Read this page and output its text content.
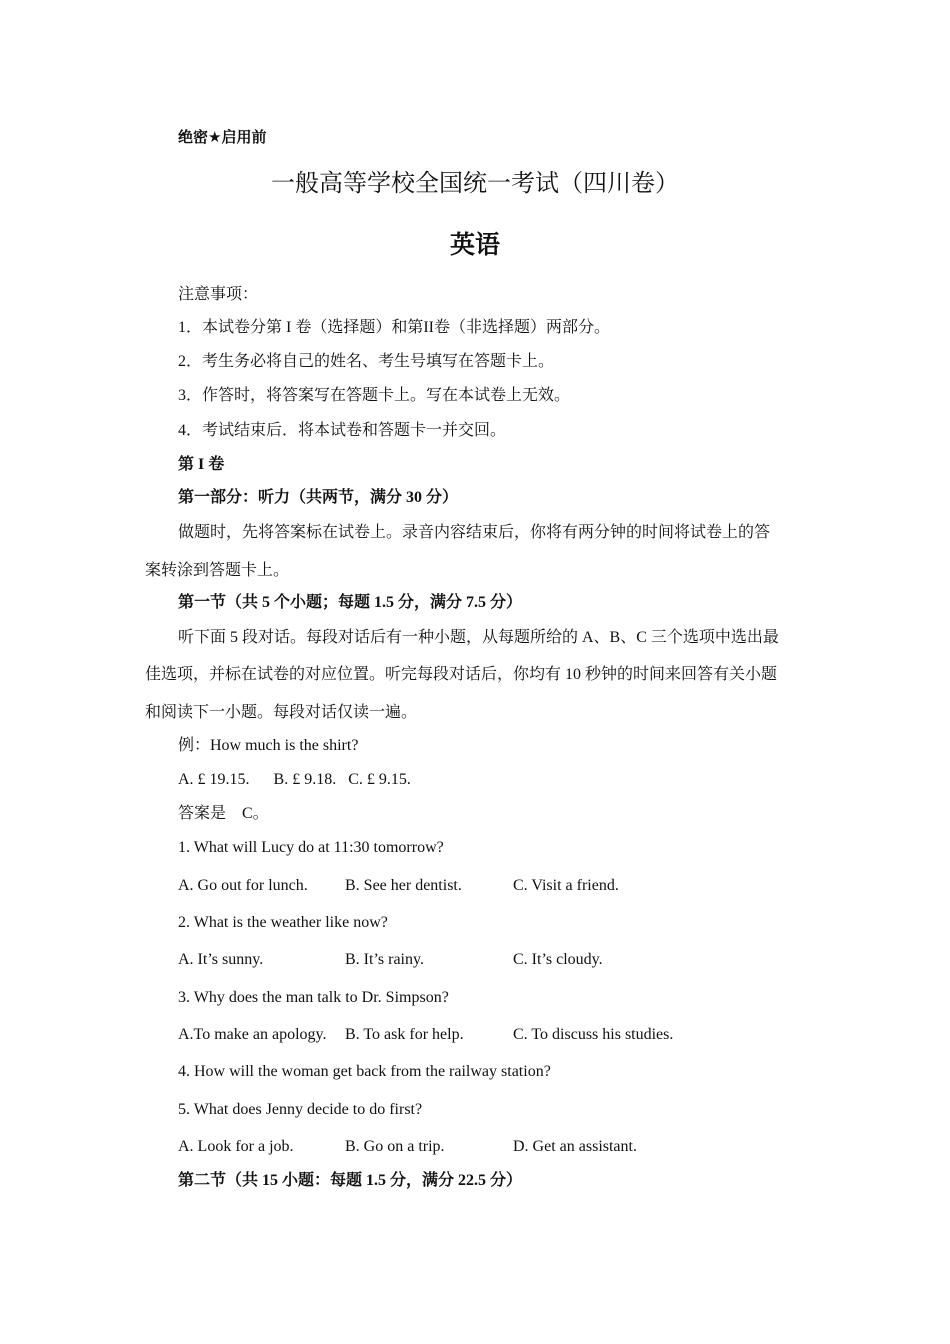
绝密★启用前
一般高等学校全国统一考试（四川卷）
英语
注意事项：
1．本试卷分第 I 卷（选择题）和第II卷（非选择题）两部分。
2．考生务必将自己的姓名、考生号填写在答题卡上。
3．作答时，将答案写在答题卡上。写在本试卷上无效。
4．考试结束后．将本试卷和答题卡一并交回。
第 I 卷
第一部分：听力（共两节，满分 30 分）
做题时，先将答案标在试卷上。录音内容结束后，你将有两分钟的时间将试卷上的答
案转涂到答题卡上。
第一节（共 5 个小题；每题 1.5 分，满分 7.5 分）
听下面 5 段对话。每段对话后有一种小题，从每题所给的 A、B、C 三个选项中选出最
佳选项，并标在试卷的对应位置。听完每段对话后，你均有 10 秒钟的时间来回答有关小题
和阅读下一小题。每段对话仅读一遍。
例：How much is the shirt?
A. £ 19.15.      B. £ 9.18.   C. £ 9.15.
答案是    C。
1. What will Lucy do at 11:30 tomorrow?
A. Go out for lunch. B. See her dentist.	C. Visit a friend.
2. What is the weather like now?
A. It’s sunny.	B. It’s rainy.	C. It’s cloudy.
3. Why does the man talk to Dr. Simpson?
A.To make an apology. B. To ask for help.	C. To discuss his studies.
4. How will the woman get back from the railway station?
5. What does Jenny decide to do first?
A. Look for a job.	B. Go on a trip.	D. Get an assistant.
第二节（共 15 小题：每题 1.5 分，满分 22.5 分）
